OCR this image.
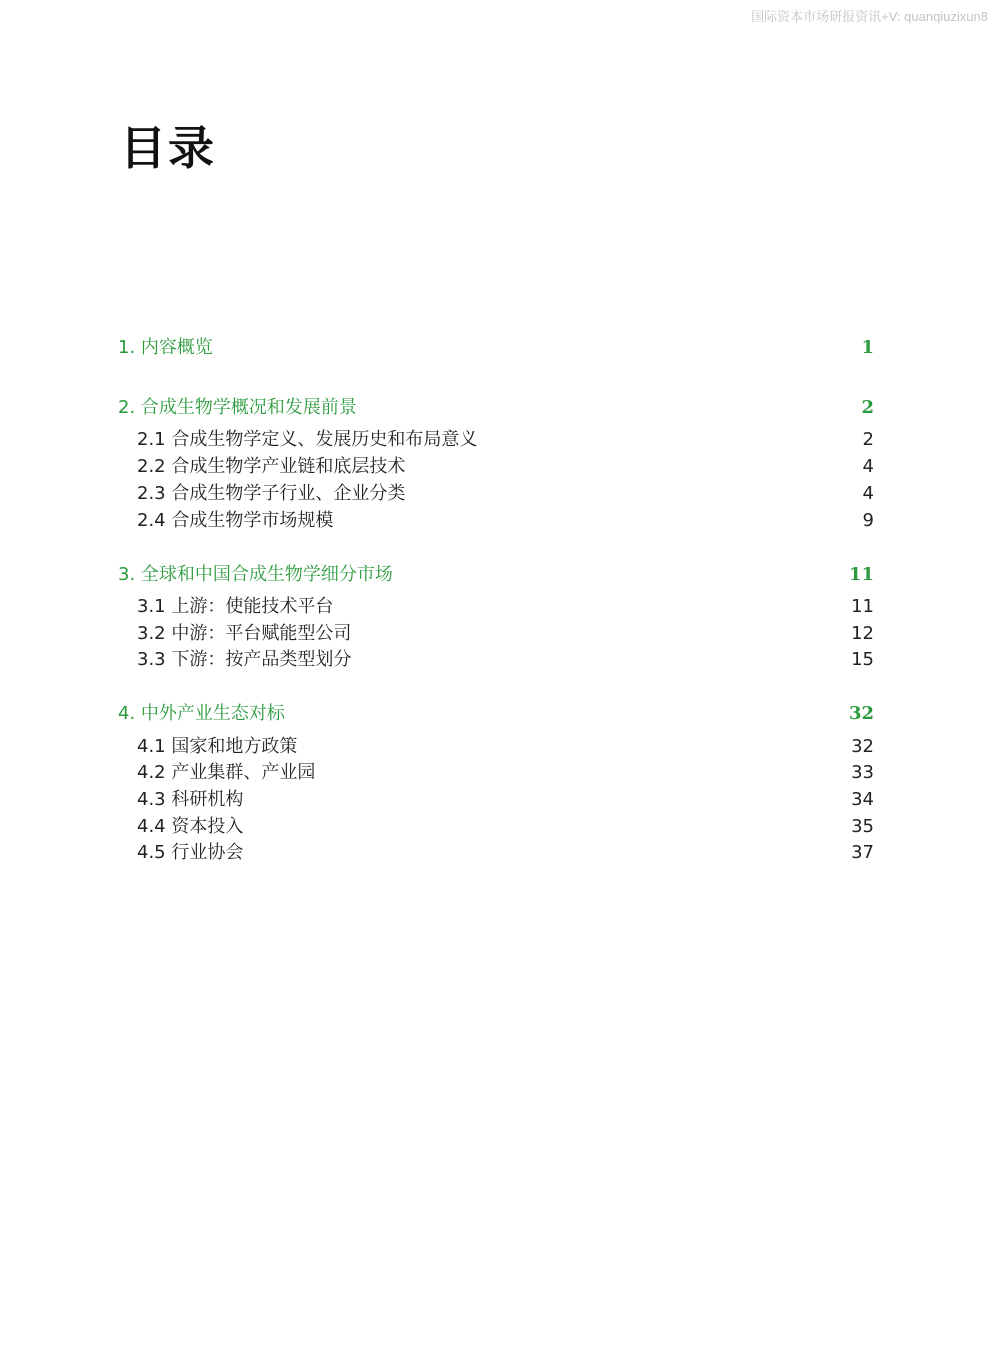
国际资本市场研报资讯+V: quanqiuzixun8
目录
1. 内容概览	1
2. 合成生物学概况和发展前景	2
2.1 合成生物学定义、发展历史和布局意义	2
2.2 合成生物学产业链和底层技术	4
2.3 合成生物学子行业、企业分类	4
2.4 合成生物学市场规模	9
3. 全球和中国合成生物学细分市场	11
3.1 上游：使能技术平台	11
3.2 中游：平台赋能型公司	12
3.3 下游：按产品类型划分	15
4. 中外产业生态对标	32
4.1 国家和地方政策	32
4.2 产业集群、产业园	33
4.3 科研机构	34
4.4 资本投入	35
4.5 行业协会	37
